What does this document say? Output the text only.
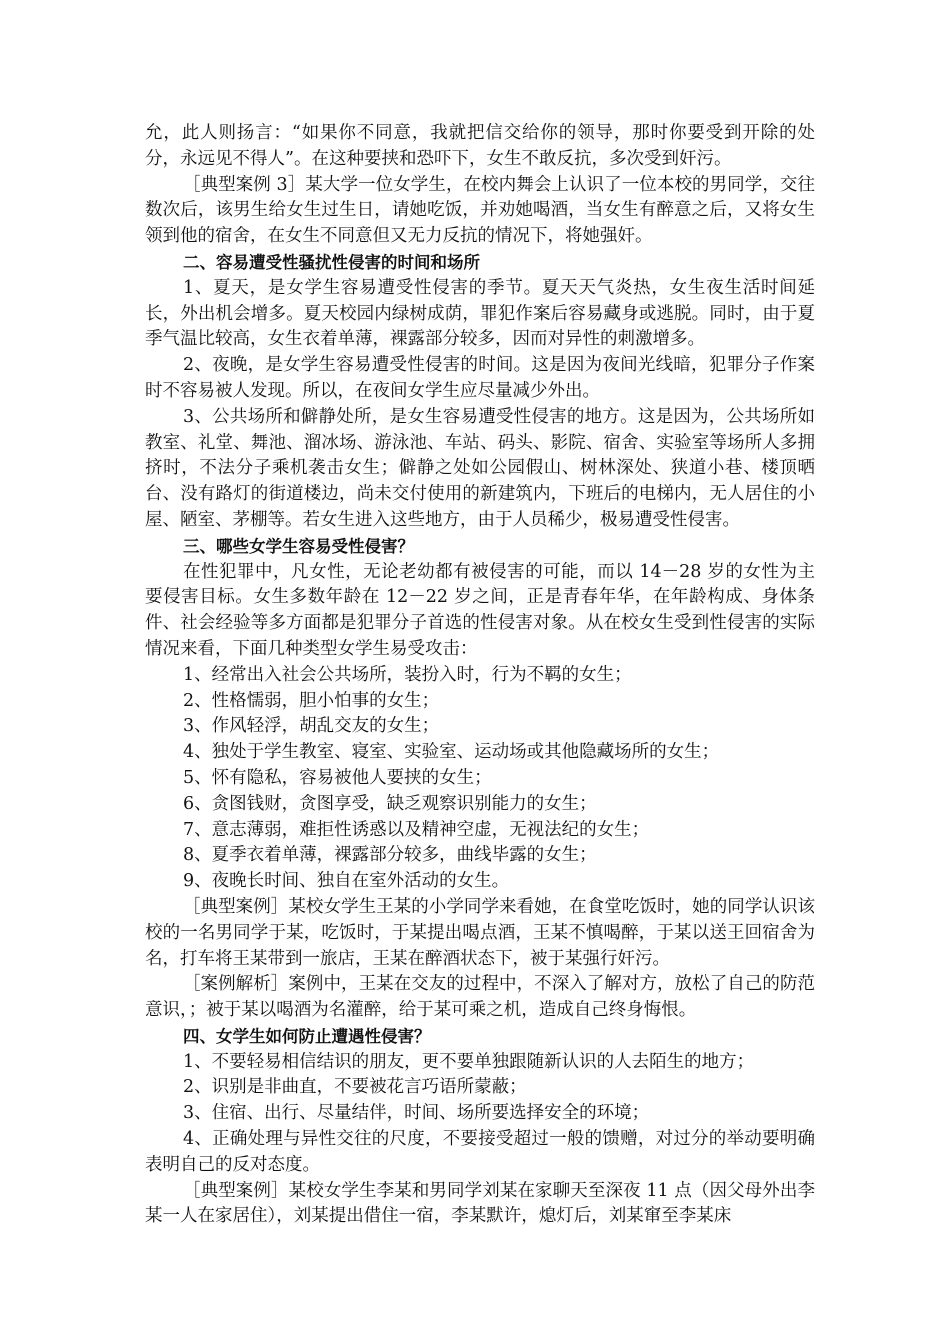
允，此人则扬言：“如果你不同意，我就把信交给你的领导，那时你要受到开除的处分，永远见不得人”。在这种要挟和恐吓下，女生不敢反抗，多次受到奸污。

［典型案例 3］某大学一位女学生，在校内舞会上认识了一位本校的男同学，交往数次后，该男生给女生过生日，请她吃饭，并劝她喝酒，当女生有醉意之后，又将女生领到他的宿舍，在女生不同意但又无力反抗的情况下，将她强奸。

二、容易遭受性骚扰性侵害的时间和场所

1、夏天，是女学生容易遭受性侵害的季节。夏天天气炎热，女生夜生活时间延长，外出机会增多。夏天校园内绿树成荫，罪犯作案后容易藏身或逃脱。同时，由于夏季气温比较高，女生衣着单薄，裸露部分较多，因而对异性的刺激增多。

2、夜晚，是女学生容易遭受性侵害的时间。这是因为夜间光线暗，犯罪分子作案时不容易被人发现。所以，在夜间女学生应尽量减少外出。

3、公共场所和僻静处所，是女生容易遭受性侵害的地方。这是因为，公共场所如教室、礼堂、舞池、溜冰场、游泳池、车站、码头、影院、宿舍、实验室等场所人多拥挤时，不法分子乘机袭击女生；僻静之处如公园假山、树林深处、狭道小巷、楼顶晒台、没有路灯的街道楼边，尚未交付使用的新建筑内，下班后的电梯内，无人居住的小屋、陋室、茅棚等。若女生进入这些地方，由于人员稀少，极易遭受性侵害。

三、哪些女学生容易受性侵害？

在性犯罪中，凡女性，无论老幼都有被侵害的可能，而以 14－28 岁的女性为主要侵害目标。女生多数年龄在 12－22 岁之间，正是青春年华，在年龄构成、身体条件、社会经验等多方面都是犯罪分子首选的性侵害对象。从在校女生受到性侵害的实际情况来看，下面几种类型女学生易受攻击：

1、经常出入社会公共场所，装扮入时，行为不羁的女生；

2、性格懦弱，胆小怕事的女生；

3、作风轻浮，胡乱交友的女生；

4、独处于学生教室、寝室、实验室、运动场或其他隐藏场所的女生；

5、怀有隐私，容易被他人要挟的女生；

6、贪图钱财，贪图享受，缺乏观察识别能力的女生；

7、意志薄弱，难拒性诱惑以及精神空虚，无视法纪的女生；

8、夏季衣着单薄，裸露部分较多，曲线毕露的女生；

9、夜晚长时间、独自在室外活动的女生。

［典型案例］某校女学生王某的小学同学来看她，在食堂吃饭时，她的同学认识该校的一名男同学于某，吃饭时，于某提出喝点酒，王某不慎喝醉，于某以送王回宿舍为名，打车将王某带到一旅店，王某在醉酒状态下，被于某强行奸污。

［案例解析］案例中，王某在交友的过程中，不深入了解对方，放松了自己的防范意识，；被于某以喝酒为名灌醉，给于某可乘之机，造成自己终身悔恨。

四、女学生如何防止遭遇性侵害？

1、不要轻易相信结识的朋友，更不要单独跟随新认识的人去陌生的地方；

2、识别是非曲直，不要被花言巧语所蒙蔽；

3、住宿、出行、尽量结伴，时间、场所要选择安全的环境；

4、正确处理与异性交往的尺度，不要接受超过一般的馈赠，对过分的举动要明确表明自己的反对态度。

［典型案例］某校女学生李某和男同学刘某在家聊天至深夜 11 点（因父母外出李某一人在家居住），刘某提出借住一宿，李某默许，熄灯后，刘某窜至李某床
